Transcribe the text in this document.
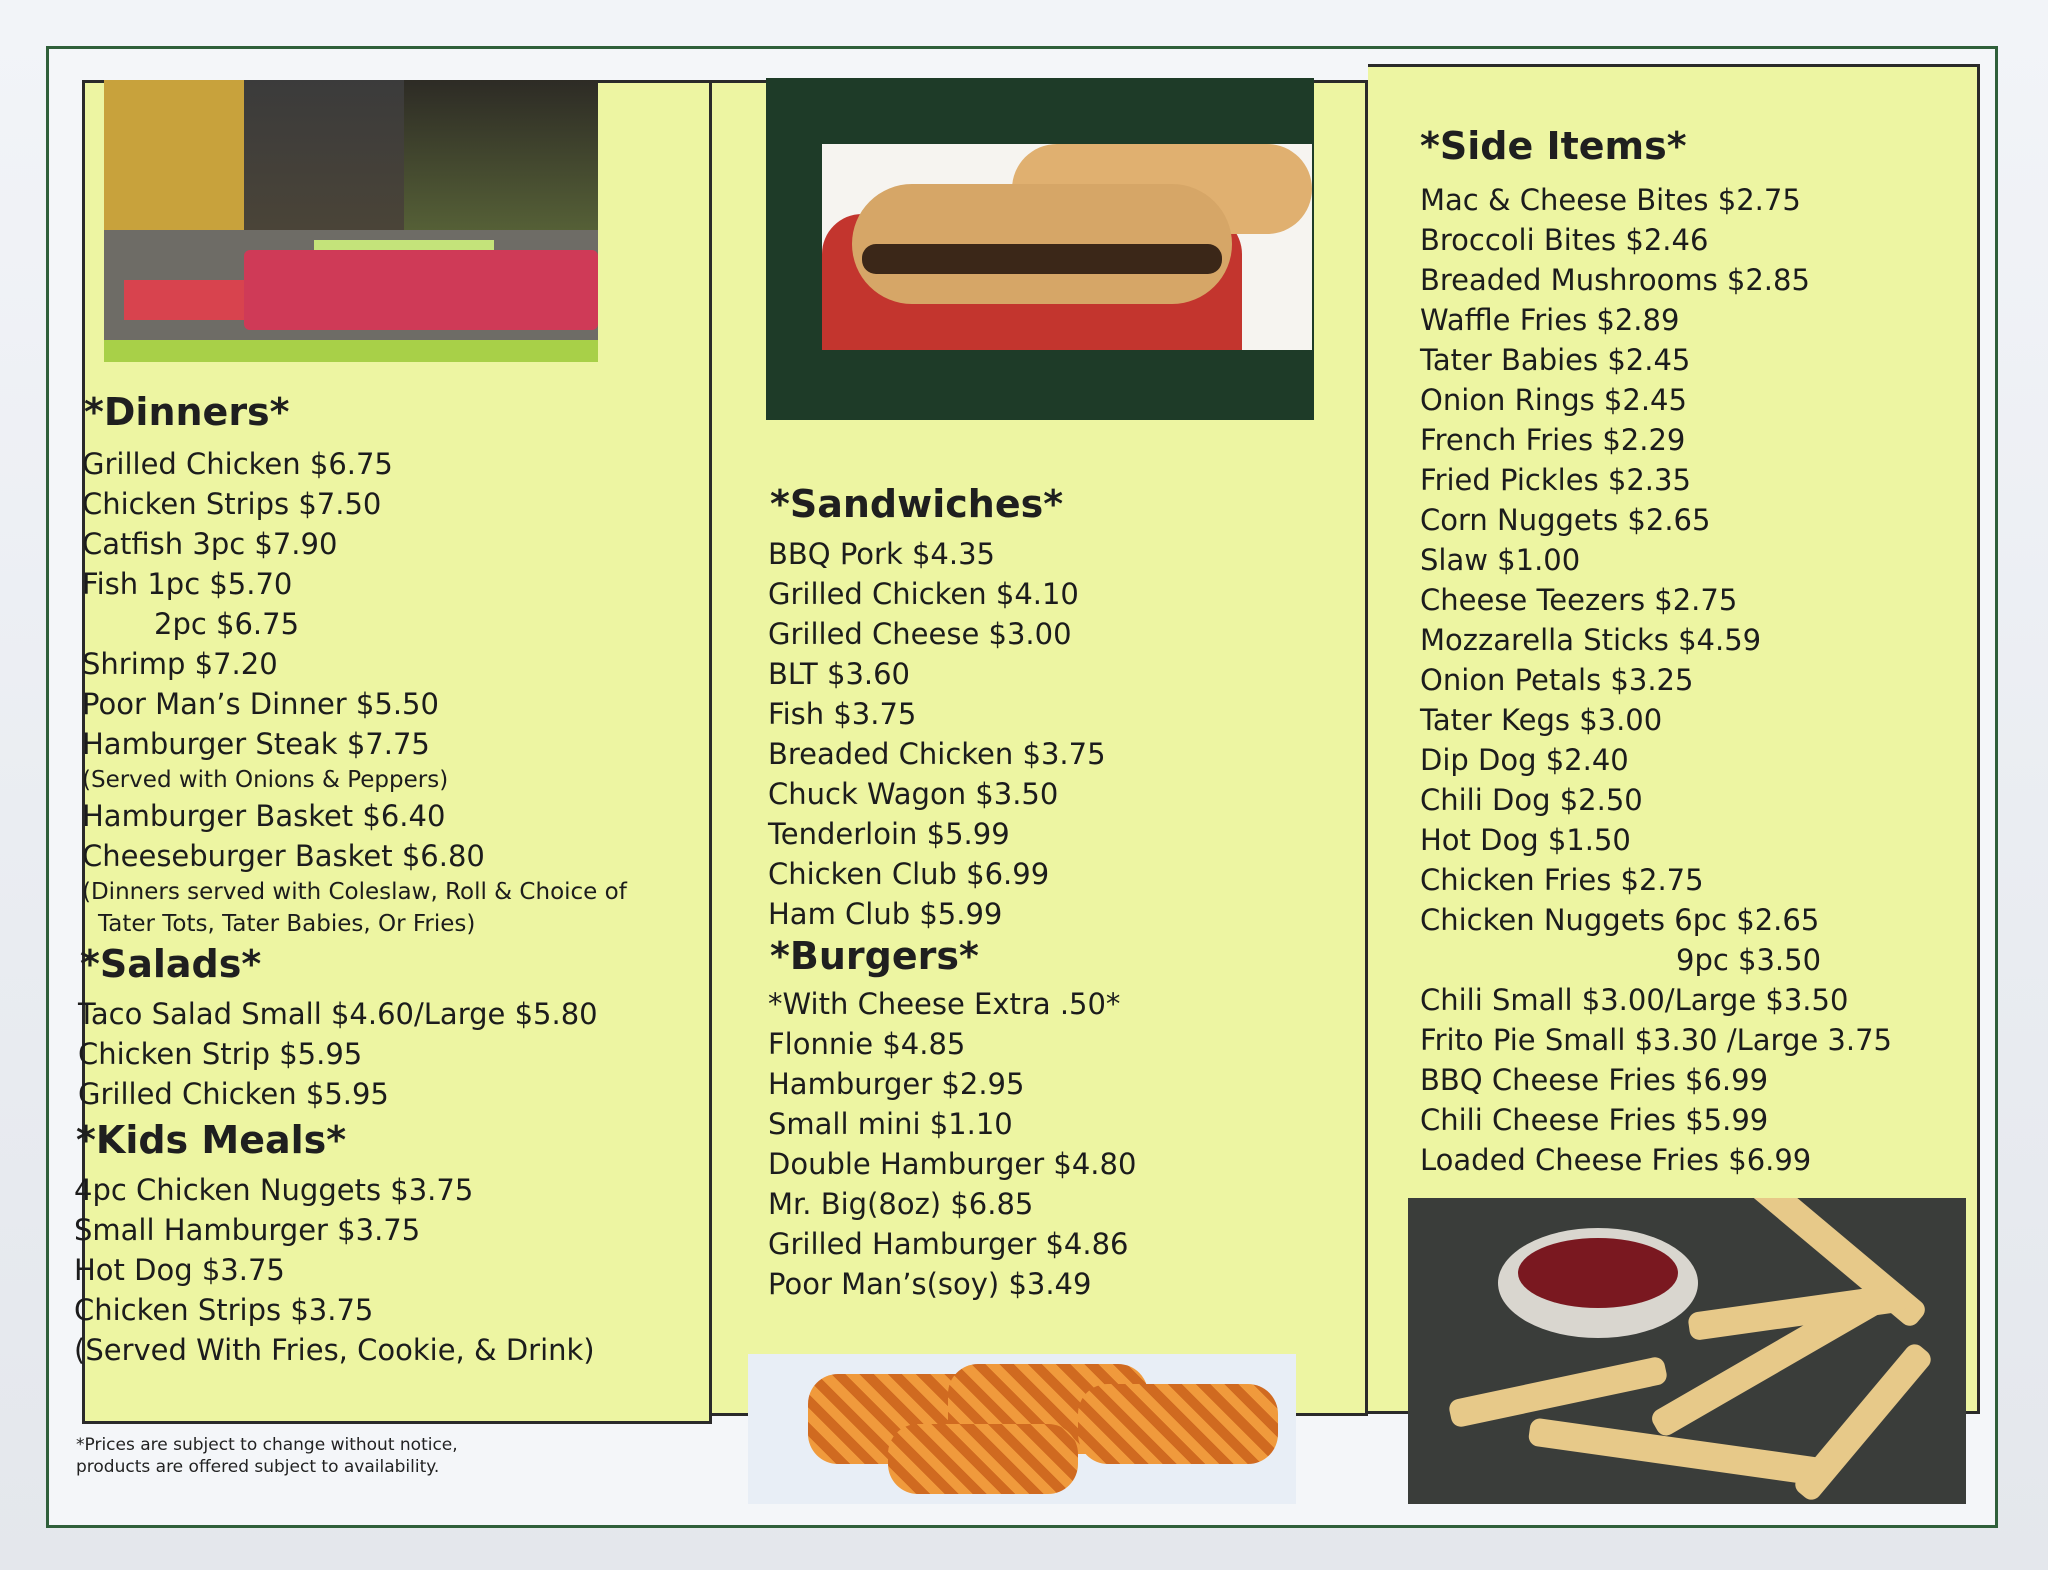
*Dinners*
Grilled Chicken $6.75
Chicken Strips $7.50
Catfish 3pc $7.90
Fish 1pc $5.70
2pc $6.75
Shrimp $7.20
Poor Man’s Dinner $5.50
Hamburger Steak $7.75
(Served with Onions & Peppers)
Hamburger Basket $6.40
Cheeseburger Basket $6.80
(Dinners served with Coleslaw, Roll & Choice of
Tater Tots, Tater Babies, Or Fries)
*Salads*
Taco Salad Small $4.60/Large $5.80
Chicken Strip $5.95
Grilled Chicken $5.95
*Kids Meals*
4pc Chicken Nuggets $3.75
Small Hamburger $3.75
Hot Dog $3.75
Chicken Strips $3.75
(Served With Fries, Cookie, & Drink)
*Prices are subject to change without notice,
products are offered subject to availability.
*Sandwiches*
BBQ Pork $4.35
Grilled Chicken $4.10
Grilled Cheese $3.00
BLT $3.60
Fish $3.75
Breaded Chicken $3.75
Chuck Wagon $3.50
Tenderloin $5.99
Chicken Club $6.99
Ham Club $5.99
*Burgers*
*With Cheese Extra .50*
Flonnie $4.85
Hamburger $2.95
Small mini $1.10
Double Hamburger $4.80
Mr. Big(8oz) $6.85
Grilled Hamburger $4.86
Poor Man’s(soy) $3.49
*Side Items*
Mac & Cheese Bites $2.75
Broccoli Bites $2.46
Breaded Mushrooms $2.85
Waffle Fries $2.89
Tater Babies $2.45
Onion Rings $2.45
French Fries $2.29
Fried Pickles $2.35
Corn Nuggets $2.65
Slaw $1.00
Cheese Teezers $2.75
Mozzarella Sticks $4.59
Onion Petals $3.25
Tater Kegs $3.00
Dip Dog $2.40
Chili Dog $2.50
Hot Dog $1.50
Chicken Fries $2.75
Chicken Nuggets 6pc $2.65
9pc $3.50
Chili Small $3.00/Large $3.50
Frito Pie Small $3.30 /Large 3.75
BBQ Cheese Fries $6.99
Chili Cheese Fries $5.99
Loaded Cheese Fries $6.99
